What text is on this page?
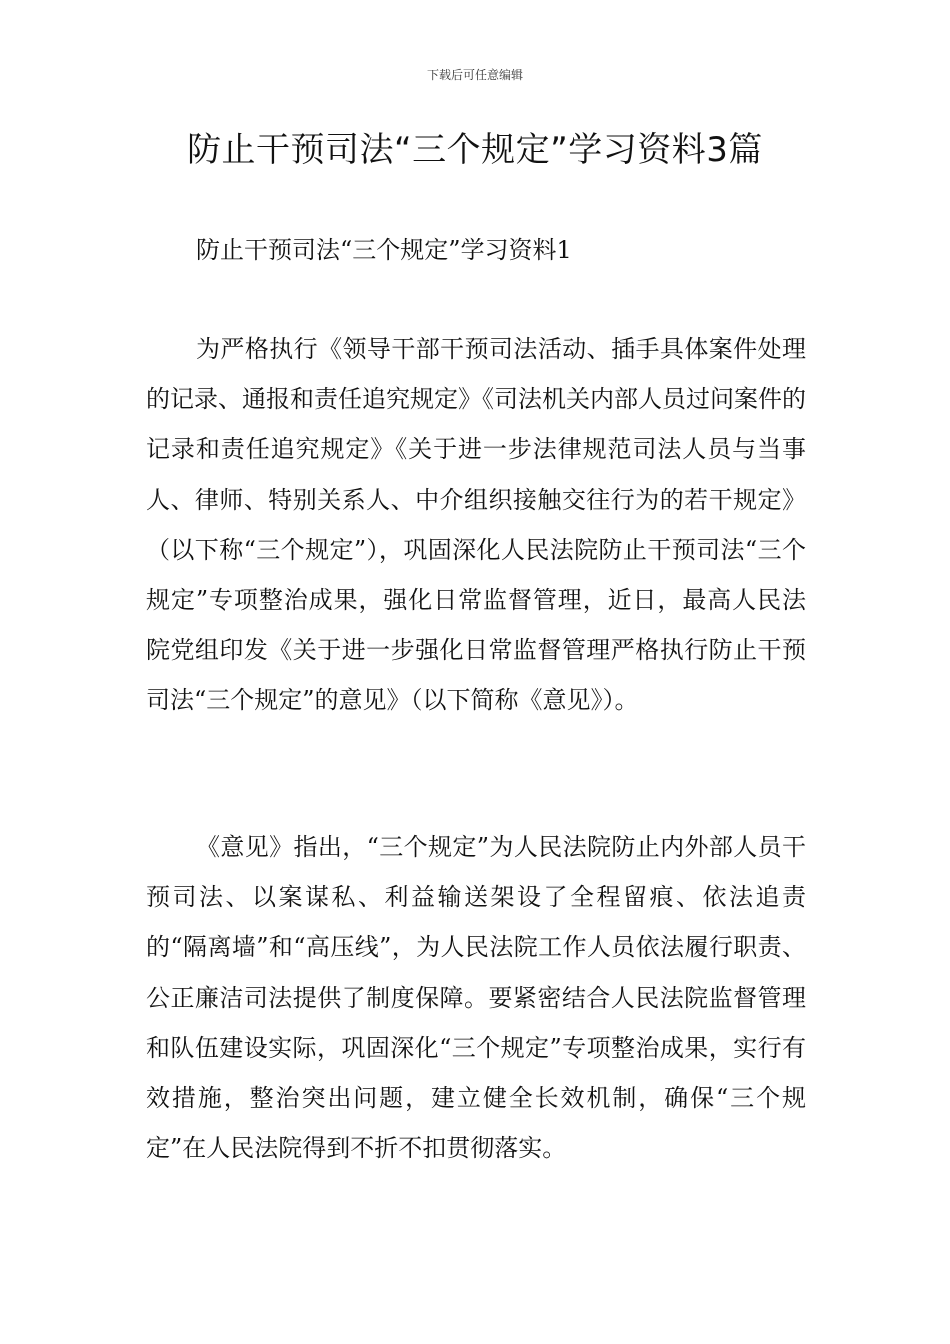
下载后可任意编辑
防止干预司法“三个规定”学习资料3篇
防止干预司法“三个规定”学习资料1

为严格执行《领导干部干预司法活动、插手具体案件处理的记录、通报和责任追究规定》《司法机关内部人员过问案件的记录和责任追究规定》《关于进一步法律规范司法人员与当事人、律师、特别关系人、中介组织接触交往行为的若干规定》（以下称“三个规定”），巩固深化人民法院防止干预司法“三个规定”专项整治成果，强化日常监督管理，近日，最高人民法院党组印发《关于进一步强化日常监督管理严格执行防止干预司法“三个规定”的意见》（以下简称《意见》）。

《意见》指出，“三个规定”为人民法院防止内外部人员干预司法、以案谋私、利益输送架设了全程留痕、依法追责的“隔离墙”和“高压线”，为人民法院工作人员依法履行职责、公正廉洁司法提供了制度保障。要紧密结合人民法院监督管理和队伍建设实际，巩固深化“三个规定”专项整治成果，实行有效措施，整治突出问题，建立健全长效机制，确保“三个规定”在人民法院得到不折不扣贯彻落实。
